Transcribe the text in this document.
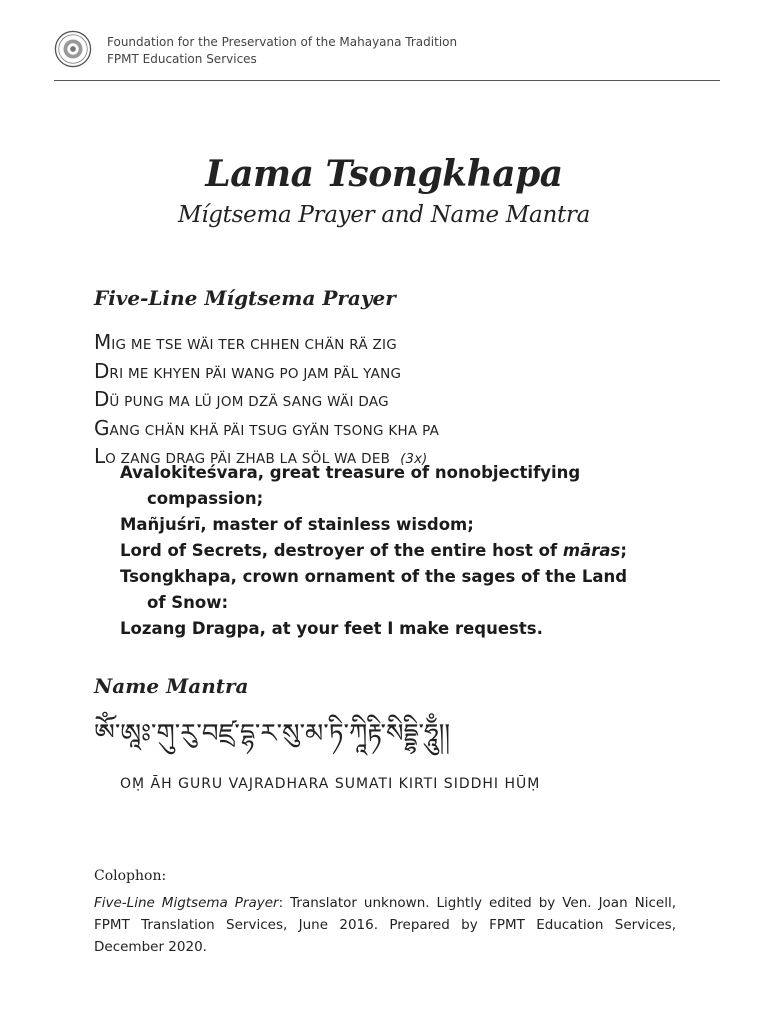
Foundation for the Preservation of the Mahayana Tradition
FPMT Education Services
Lama Tsongkhapa
Mígtsema Prayer and Name Mantra
Five-Line Mígtsema Prayer
MIG ME TSE WÄI TER CHHEN CHÄN RÄ ZIG
DRI ME KHYEN PÄI WANG PO JAM PÄL YANG
DÜ PUNG MA LÜ JOM DZÄ SANG WÄI DAG
GANG CHÄN KHÄ PÄI TSUG GYÄN TSONG KHA PA
LO ZANG DRAG PÄI ZHAB LA SÖL WA DEB (3x)
Avalokiteśvara, great treasure of nonobjectifying compassion;
Mañjuśrī, master of stainless wisdom;
Lord of Secrets, destroyer of the entire host of māras;
Tsongkhapa, crown ornament of the sages of the Land of Snow:
Lozang Dragpa, at your feet I make requests.
Name Mantra
ཨོཾ་ཨཱཿ་གུ་རུ་བཛྲ་དྷ་ར་སུ་མ་ཏི་ཀཱིརྟི་སིདྡྷི་ཧཱུྃ།།
OṂ ĀH GURU VAJRADHARA SUMATI KIRTI SIDDHI HŪṂ
Colophon:
Five-Line Migtsema Prayer: Translator unknown. Lightly edited by Ven. Joan Nicell, FPMT Translation Services, June 2016. Prepared by FPMT Education Services, December 2020.
